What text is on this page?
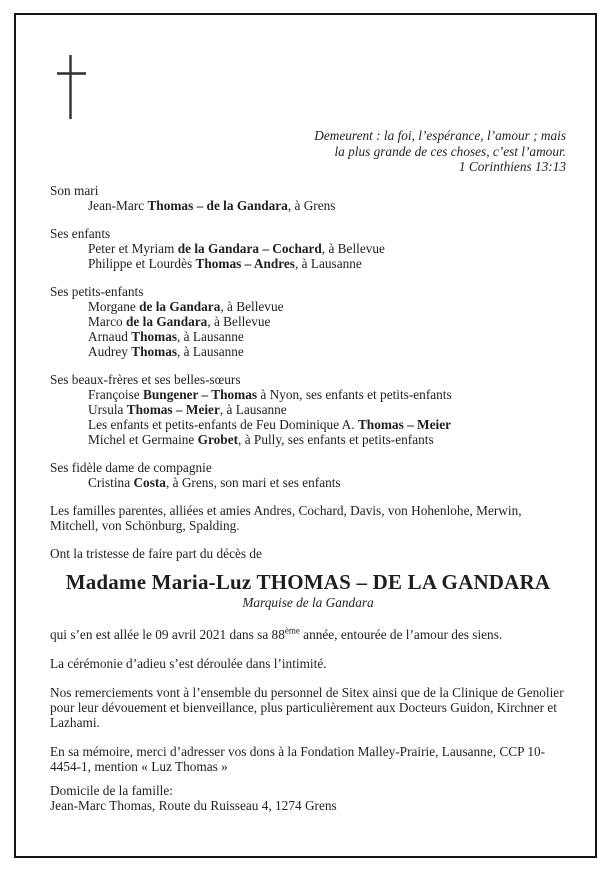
Demeurent : la foi, l’espérance, l’amour ; mais
la plus grande de ces choses, c’est l’amour.
1 Corinthiens 13:13
Son mari
Jean-Marc Thomas – de la Gandara, à Grens
Ses enfants
Peter et Myriam de la Gandara – Cochard, à Bellevue
Philippe et Lourdès Thomas – Andres, à Lausanne
Ses petits-enfants
Morgane de la Gandara, à Bellevue
Marco de la Gandara, à Bellevue
Arnaud Thomas, à Lausanne
Audrey Thomas, à Lausanne
Ses beaux-frères et ses belles-sœurs
Françoise Bungener – Thomas à Nyon, ses enfants et petits-enfants
Ursula Thomas – Meier, à Lausanne
Les enfants et petits-enfants de Feu Dominique A. Thomas – Meier
Michel et Germaine Grobet, à Pully, ses enfants et petits-enfants
Ses fidèle dame de compagnie
Cristina Costa, à Grens, son mari et ses enfants
Les familles parentes, alliées et amies Andres, Cochard, Davis, von Hohenlohe, Merwin, Mitchell, von Schönburg, Spalding.
Ont la tristesse de faire part du décès de
Madame Maria-Luz THOMAS – DE LA GANDARA
Marquise de la Gandara
qui s’en est allée le 09 avril 2021 dans sa 88ème année, entourée de l’amour des siens.
La cérémonie d’adieu s’est déroulée dans l’intimité.
Nos remerciements vont à l’ensemble du personnel de Sitex ainsi que de la Clinique de Genolier pour leur dévouement et bienveillance, plus particulièrement aux Docteurs Guidon, Kirchner et Lazhami.
En sa mémoire, merci d’adresser vos dons à la Fondation Malley-Prairie, Lausanne, CCP 10-4454-1, mention « Luz Thomas »
Domicile de la famille:
Jean-Marc Thomas, Route du Ruisseau 4, 1274 Grens
